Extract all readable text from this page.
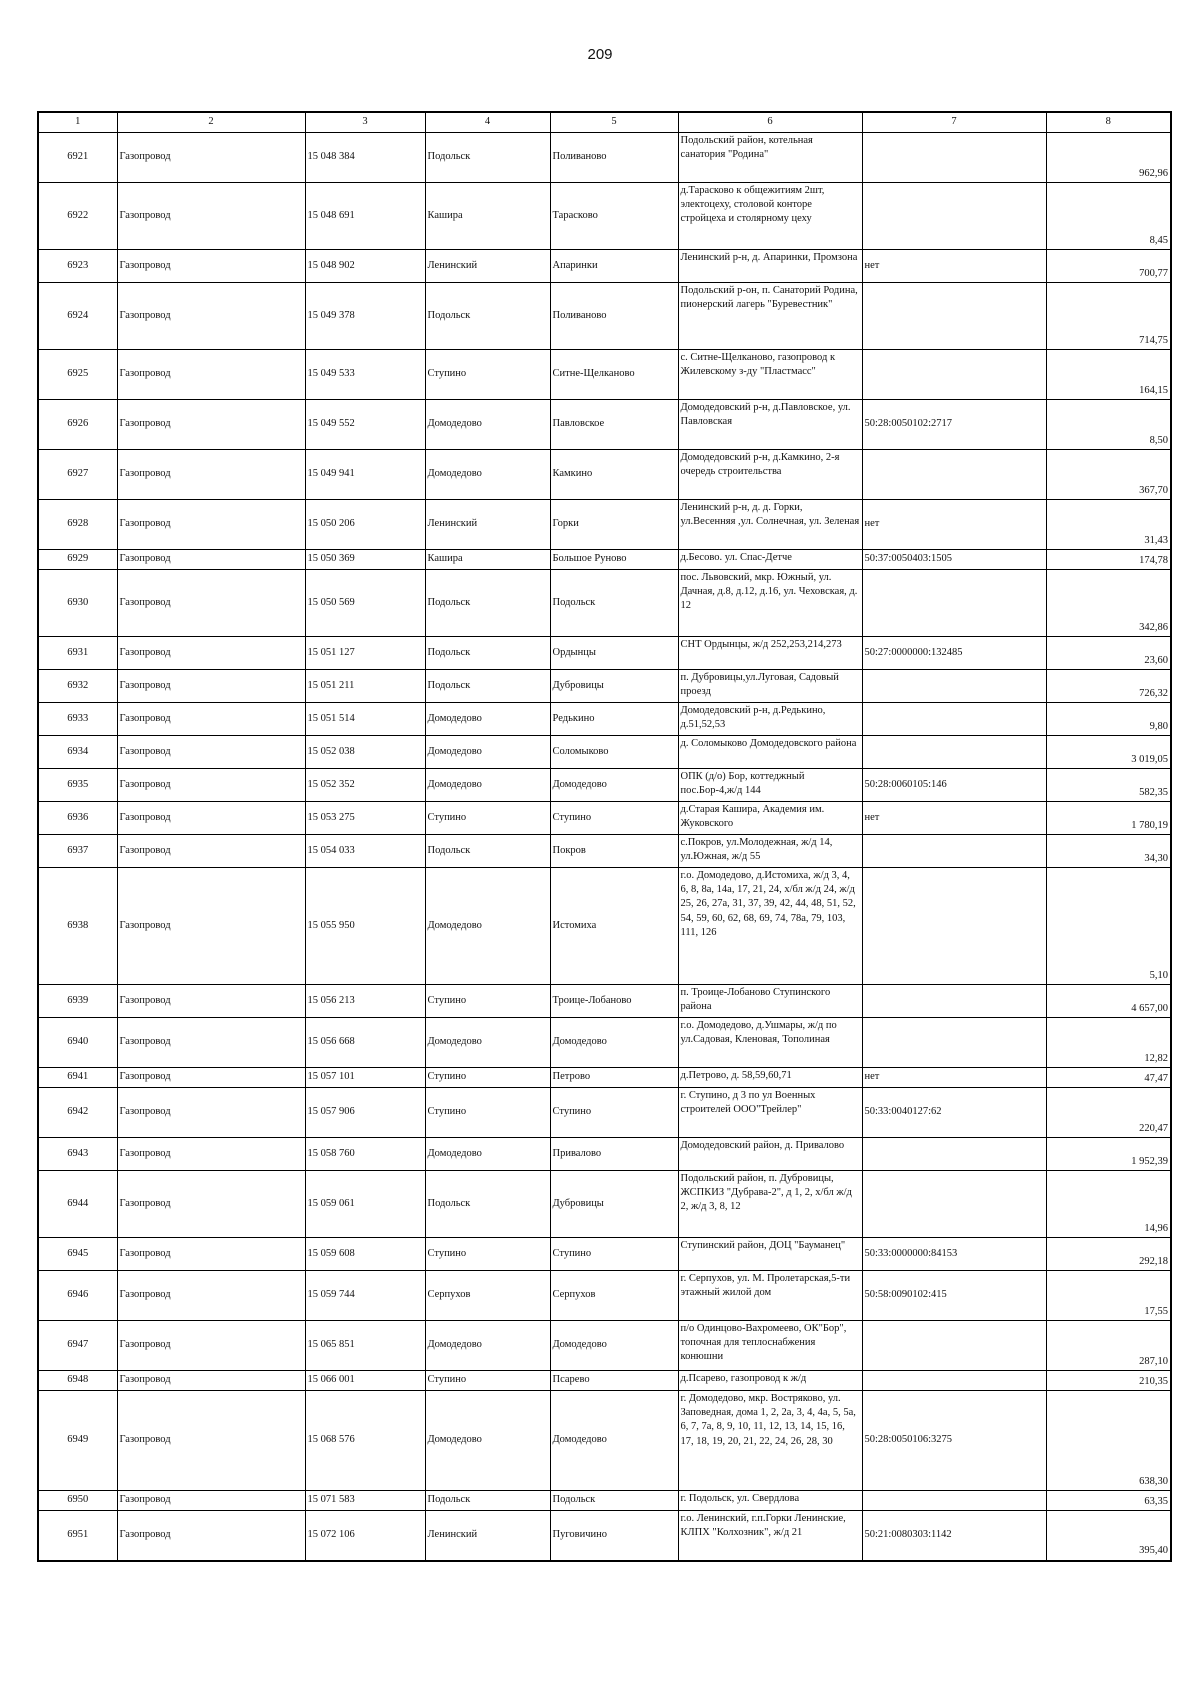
209
1	2	3	4	5	6	7	8
6921	Газопровод	15 048 384	Подольск	Поливаново	Подольский район, котельная санатория "Родина"		962,96
6922	Газопровод	15 048 691	Кашира	Тарасково	д.Тарасково к общежитиям 2шт, электоцеху, столовой конторе стройцеха и столярному цеху		8,45
6923	Газопровод	15 048 902	Ленинский	Апаринки	Ленинский р-н, д. Апаринки, Промзона	нет	700,77
6924	Газопровод	15 049 378	Подольск	Поливаново	Подольский р-он, п. Санаторий Родина, пионерский лагерь "Буревестник"		714,75
6925	Газопровод	15 049 533	Ступино	Ситне-Щелканово	с. Ситне-Щелканово, газопровод к Жилевскому з-ду "Пластмасс"		164,15
6926	Газопровод	15 049 552	Домодедово	Павловское	Домодедовский р-н, д.Павловское, ул. Павловская	50:28:0050102:2717	8,50
6927	Газопровод	15 049 941	Домодедово	Камкино	Домодедовский р-н, д.Камкино, 2-я очередь строительства		367,70
6928	Газопровод	15 050 206	Ленинский	Горки	Ленинский р-н, д. д. Горки, ул.Весенняя ,ул. Солнечная, ул. Зеленая	нет	31,43
6929	Газопровод	15 050 369	Кашира	Большое Руново	д.Бесово. ул. Спас-Детче	50:37:0050403:1505	174,78
6930	Газопровод	15 050 569	Подольск	Подольск	пос. Львовский, мкр. Южный, ул. Дачная, д.8, д.12, д.16, ул. Чеховская, д. 12		342,86
6931	Газопровод	15 051 127	Подольск	Ордынцы	СНТ Ордынцы, ж/д 252,253,214,273	50:27:0000000:132485	23,60
6932	Газопровод	15 051 211	Подольск	Дубровицы	п. Дубровицы,ул.Луговая, Садовый проезд		726,32
6933	Газопровод	15 051 514	Домодедово	Редькино	Домодедовский р-н, д.Редькино, д.51,52,53		9,80
6934	Газопровод	15 052 038	Домодедово	Соломыково	д. Соломыково Домодедовского района		3 019,05
6935	Газопровод	15 052 352	Домодедово	Домодедово	ОПК (д/о) Бор, коттеджный пос.Бор-4,ж/д 144	50:28:0060105:146	582,35
6936	Газопровод	15 053 275	Ступино	Ступино	д.Старая Кашира, Академия им. Жуковского	нет	1 780,19
6937	Газопровод	15 054 033	Подольск	Покров	с.Покров, ул.Молодежная, ж/д 14, ул.Южная, ж/д 55		34,30
6938	Газопровод	15 055 950	Домодедово	Истомиха	г.о. Домодедово, д.Истомиха, ж/д 3, 4, 6, 8, 8а, 14а, 17, 21, 24, х/бл ж/д 24, ж/д 25, 26, 27а, 31, 37, 39, 42, 44, 48, 51, 52, 54, 59, 60, 62, 68, 69, 74, 78а, 79, 103, 111, 126		5,10
6939	Газопровод	15 056 213	Ступино	Троице-Лобаново	п. Троице-Лобаново Ступинского района		4 657,00
6940	Газопровод	15 056 668	Домодедово	Домодедово	г.о. Домодедово, д.Ушмары, ж/д по ул.Садовая, Кленовая, Тополиная		12,82
6941	Газопровод	15 057 101	Ступино	Петрово	д.Петрово, д. 58,59,60,71	нет	47,47
6942	Газопровод	15 057 906	Ступино	Ступино	г. Ступино, д 3 по ул Военных строителей ООО"Трейлер"	50:33:0040127:62	220,47
6943	Газопровод	15 058 760	Домодедово	Привалово	Домодедовский район, д. Привалово		1 952,39
6944	Газопровод	15 059 061	Подольск	Дубровицы	Подольский район, п. Дубровицы, ЖСПКИЗ "Дубрава-2", д 1, 2, х/бл ж/д 2, ж/д 3, 8, 12		14,96
6945	Газопровод	15 059 608	Ступино	Ступино	Ступинский район, ДОЦ "Бауманец"	50:33:0000000:84153	292,18
6946	Газопровод	15 059 744	Серпухов	Серпухов	г. Серпухов, ул. М. Пролетарская,5-ти этажный жилой дом	50:58:0090102:415	17,55
6947	Газопровод	15 065 851	Домодедово	Домодедово	п/о Одинцово-Вахромеево, ОК"Бор", топочная для теплоснабжения конюшни		287,10
6948	Газопровод	15 066 001	Ступино	Псарево	д.Псарево, газопровод к ж/д		210,35
6949	Газопровод	15 068 576	Домодедово	Домодедово	г. Домодедово, мкр. Востряково, ул. Заповедная, дома 1, 2, 2а, 3, 4, 4а, 5, 5а, 6, 7, 7а, 8, 9, 10, 11, 12, 13, 14, 15, 16, 17, 18, 19, 20, 21, 22, 24, 26, 28, 30	50:28:0050106:3275	638,30
6950	Газопровод	15 071 583	Подольск	Подольск	г. Подольск, ул. Свердлова		63,35
6951	Газопровод	15 072 106	Ленинский	Пуговичино	г.о. Ленинский, г.п.Горки Ленинские, КЛПХ "Колхозник", ж/д 21	50:21:0080303:1142	395,40
